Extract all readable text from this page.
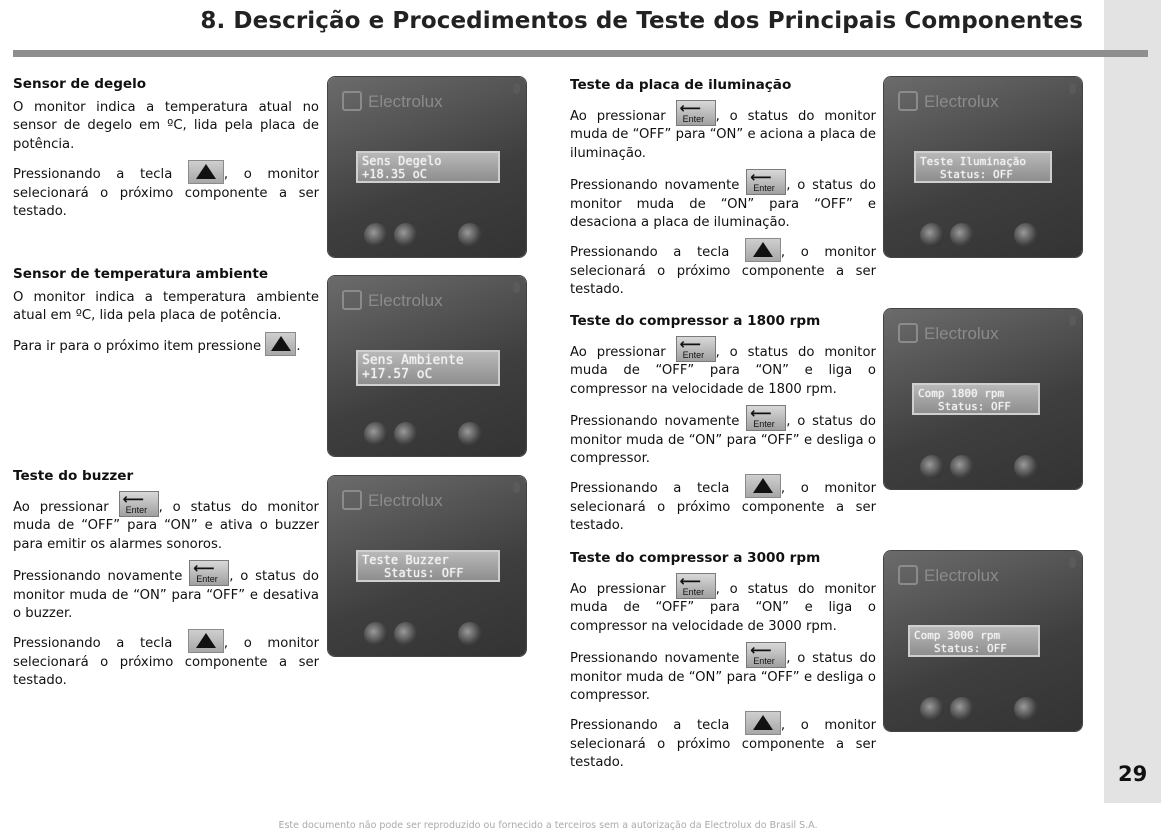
8. Descrição e Procedimentos de Teste dos Principais Componentes
Sensor de degelo

O monitor indica a temperatura atual no sensor de degelo em ºC, lida pela placa de potência.

Pressionando a tecla	, o monitor selecionará o próximo componente a ser testado.

Sensor de temperatura ambiente

O monitor indica a temperatura ambiente atual em ºC, lida pela placa de potência.

Para ir para o próximo item pressione	.

Teste do buzzer

Ao pressionar ⟵
Enter , o status do monitor muda de “OFF” para “ON” e ativa o buzzer para emitir os alarmes sonoros.

Pressionando novamente ⟵
Enter , o status do monitor muda de “ON” para “OFF” e desativa o buzzer.

Pressionando a tecla	, o monitor selecionará o próximo componente a ser testado.

Electrolux
Sens Degelo

+18.35 oC
Electrolux
Sens Ambiente

+17.57 oC
Electrolux
Teste Buzzer

Status: OFF
Teste da placa de iluminação

Ao pressionar ⟵
Enter , o status do monitor muda de “OFF” para “ON” e aciona a placa de iluminação.

Pressionando novamente ⟵
Enter , o status do monitor muda de “ON” para “OFF” e desaciona a placa de iluminação.

Pressionando a tecla	, o monitor selecionará o próximo componente a ser testado.

Teste do compressor a 1800 rpm

Ao pressionar ⟵
Enter , o status do monitor muda de “OFF” para “ON” e liga o compressor na velocidade de 1800 rpm.

Pressionando novamente ⟵
Enter , o status do monitor muda de “ON” para “OFF” e desliga o compressor.

Pressionando a tecla	, o monitor selecionará o próximo componente a ser testado.

Teste do compressor a 3000 rpm

Ao pressionar ⟵
Enter , o status do monitor muda de “OFF” para “ON” e liga o compressor na velocidade de 3000 rpm.

Pressionando novamente ⟵
Enter , o status do monitor muda de “ON” para “OFF” e desliga o compressor.

Pressionando a tecla	, o monitor selecionará o próximo componente a ser testado.

Electrolux
Teste Iluminação

Status: OFF
Electrolux
Comp 1800 rpm

Status: OFF
Electrolux
Comp 3000 rpm

Status: OFF
29
Este documento não pode ser reproduzido ou fornecido a terceiros sem a autorização da Electrolux do Brasil S.A.
